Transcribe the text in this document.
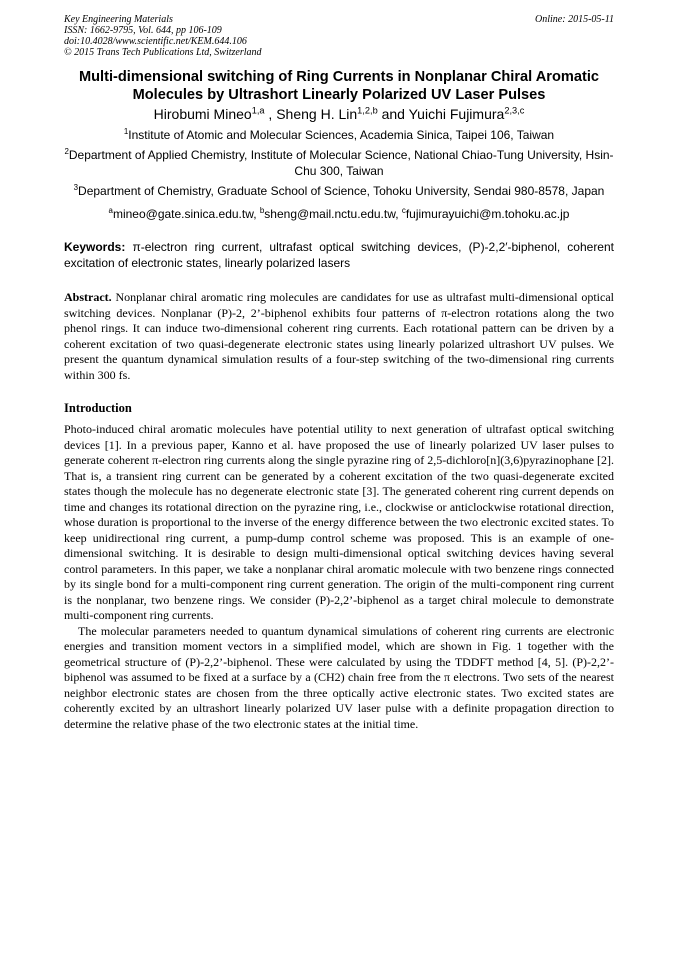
Key Engineering Materials	Online: 2015-05-11
ISSN: 1662-9795, Vol. 644, pp 106-109
doi:10.4028/www.scientific.net/KEM.644.106
© 2015 Trans Tech Publications Ltd, Switzerland
Multi-dimensional switching of Ring Currents in Nonplanar Chiral Aromatic Molecules by Ultrashort Linearly Polarized UV Laser Pulses
Hirobumi Mineo$^{1,a}$ , Sheng H. Lin$^{1,2,b}$ and Yuichi Fujimura$^{2,3,c}$
$^1$Institute of Atomic and Molecular Sciences, Academia Sinica, Taipei 106, Taiwan
$^2$Department of Applied Chemistry, Institute of Molecular Science, National Chiao-Tung University, Hsin-Chu 300, Taiwan
$^3$Department of Chemistry, Graduate School of Science, Tohoku University, Sendai 980-8578, Japan
$^a$mineo@gate.sinica.edu.tw, $^b$sheng@mail.nctu.edu.tw, $^c$fujimurayuichi@m.tohoku.ac.jp
Keywords: π-electron ring current, ultrafast optical switching devices, (P)-2,2′-biphenol, coherent excitation of electronic states, linearly polarized lasers

Abstract. Nonplanar chiral aromatic ring molecules are candidates for use as ultrafast multi-dimensional optical switching devices. Nonplanar (P)-2, 2’-biphenol exhibits four patterns of π-electron rotations along the two phenol rings. It can induce two-dimensional coherent ring currents. Each rotational pattern can be driven by a coherent excitation of two quasi-degenerate electronic states using linearly polarized ultrashort UV pulses. We present the quantum dynamical simulation results of a four-step switching of the two-dimensional ring currents within 300 fs.

Introduction

Photo-induced chiral aromatic molecules have potential utility to next generation of ultrafast optical switching devices [1]. In a previous paper, Kanno et al. have proposed the use of linearly polarized UV laser pulses to generate coherent π-electron ring currents along the single pyrazine ring of 2,5-dichloro[n](3,6)pyrazinophane [2]. That is, a transient ring current can be generated by a coherent excitation of the two quasi-degenerate excited states though the molecule has no degenerate electronic state [3]. The generated coherent ring current depends on time and changes its rotational direction on the pyrazine ring, i.e., clockwise or anticlockwise rotational direction, whose duration is proportional to the inverse of the energy difference between the two electronic excited states. To keep unidirectional ring current, a pump-dump control scheme was proposed. This is an example of one-dimensional switching. It is desirable to design multi-dimensional optical switching devices having several control parameters. In this paper, we take a nonplanar chiral aromatic molecule with two benzene rings connected by its single bond for a multi-component ring current generation. The origin of the multi-component ring current is the nonplanar, two benzene rings. We consider (P)-2,2’-biphenol as a target chiral molecule to demonstrate multi-component ring currents.

The molecular parameters needed to quantum dynamical simulations of coherent ring currents are electronic energies and transition moment vectors in a simplified model, which are shown in Fig. 1 together with the geometrical structure of (P)-2,2’-biphenol. These were calculated by using the TDDFT method [4, 5]. (P)-2,2’-biphenol was assumed to be fixed at a surface by a (CH2) chain free from the π electrons. Two sets of the nearest neighbor electronic states are chosen from the three optically active electronic states. Two excited states are coherently excited by an ultrashort linearly polarized UV laser pulse with a definite propagation direction to determine the relative phase of the two electronic states at the initial time.
